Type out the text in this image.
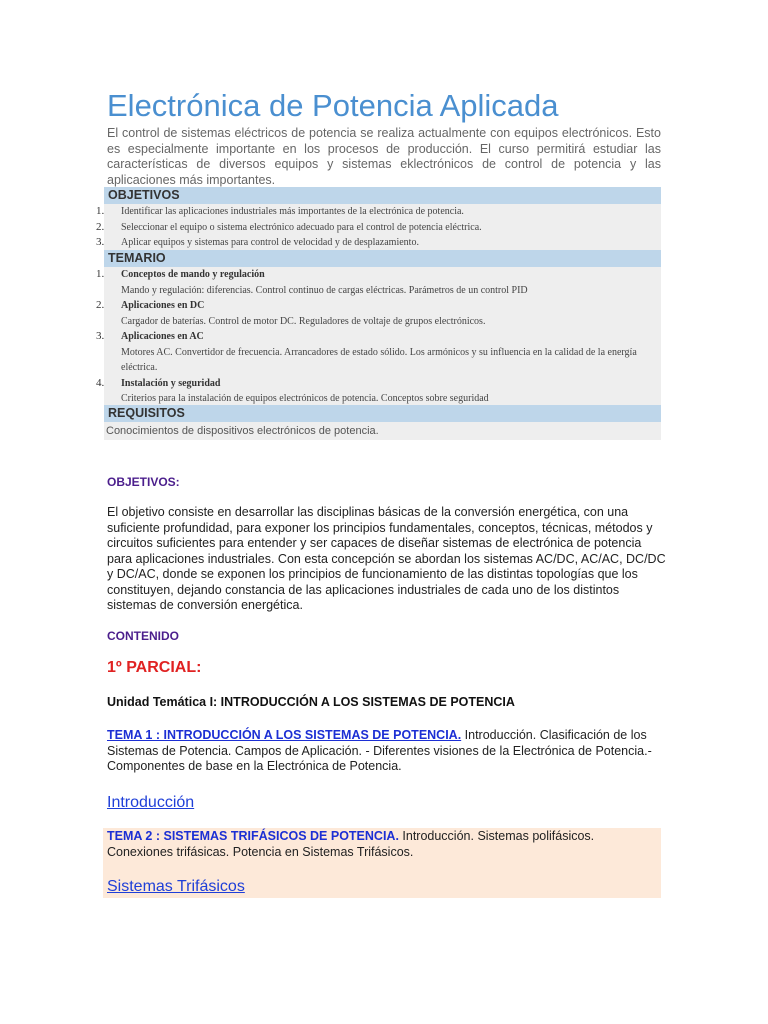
Electrónica de Potencia Aplicada

El control de sistemas eléctricos de potencia se realiza actualmente con equipos electrónicos. Esto es especialmente importante en los procesos de producción. El curso permitirá estudiar las características de diversos equipos y sistemas eklectrónicos de control de potencia y las aplicaciones más importantes.

OBJETIVOS
1. Identificar las aplicaciones industriales más importantes de la electrónica de potencia.
2. Seleccionar el equipo o sistema electrónico adecuado para el control de potencia eléctrica.
3. Aplicar equipos y sistemas para control de velocidad y de desplazamiento.
TEMARIO
1. Conceptos de mando y regulación
Mando y regulación: diferencias. Control continuo de cargas eléctricas. Parámetros de un control PID
2. Aplicaciones en DC
Cargador de baterías. Control de motor DC. Reguladores de voltaje de grupos electrónicos.
3. Aplicaciones en AC
Motores AC. Convertidor de frecuencia. Arrancadores de estado sólido. Los armónicos y su influencia en la calidad de la energía eléctrica.
4. Instalación y seguridad
Criterios para la instalación de equipos electrónicos de potencia. Conceptos sobre seguridad
REQUISITOS
Conocimientos de dispositivos electrónicos de potencia.
OBJETIVOS:
El objetivo consiste en desarrollar las disciplinas básicas de la conversión energética, con una suficiente profundidad, para exponer los principios fundamentales, conceptos, técnicas, métodos y circuitos suficientes para entender y ser capaces de diseñar sistemas de electrónica de potencia para aplicaciones industriales. Con esta concepción se abordan los sistemas AC/DC, AC/AC, DC/DC y DC/AC, donde se exponen los principios de funcionamiento de las distintas topologías que los constituyen, dejando constancia de las aplicaciones industriales de cada uno de los distintos sistemas de conversión energética.
CONTENIDO
1º PARCIAL:
Unidad Temática I: INTRODUCCIÓN A LOS SISTEMAS DE POTENCIA
TEMA 1 : INTRODUCCIÓN A LOS SISTEMAS DE POTENCIA. Introducción. Clasificación de los Sistemas de Potencia. Campos de Aplicación. - Diferentes visiones de la Electrónica de Potencia.- Componentes de base en la Electrónica de Potencia.
Introducción
TEMA 2 : SISTEMAS TRIFÁSICOS DE POTENCIA. Introducción. Sistemas polifásicos. Conexiones trifásicas. Potencia en Sistemas Trifásicos.
Sistemas Trifásicos
